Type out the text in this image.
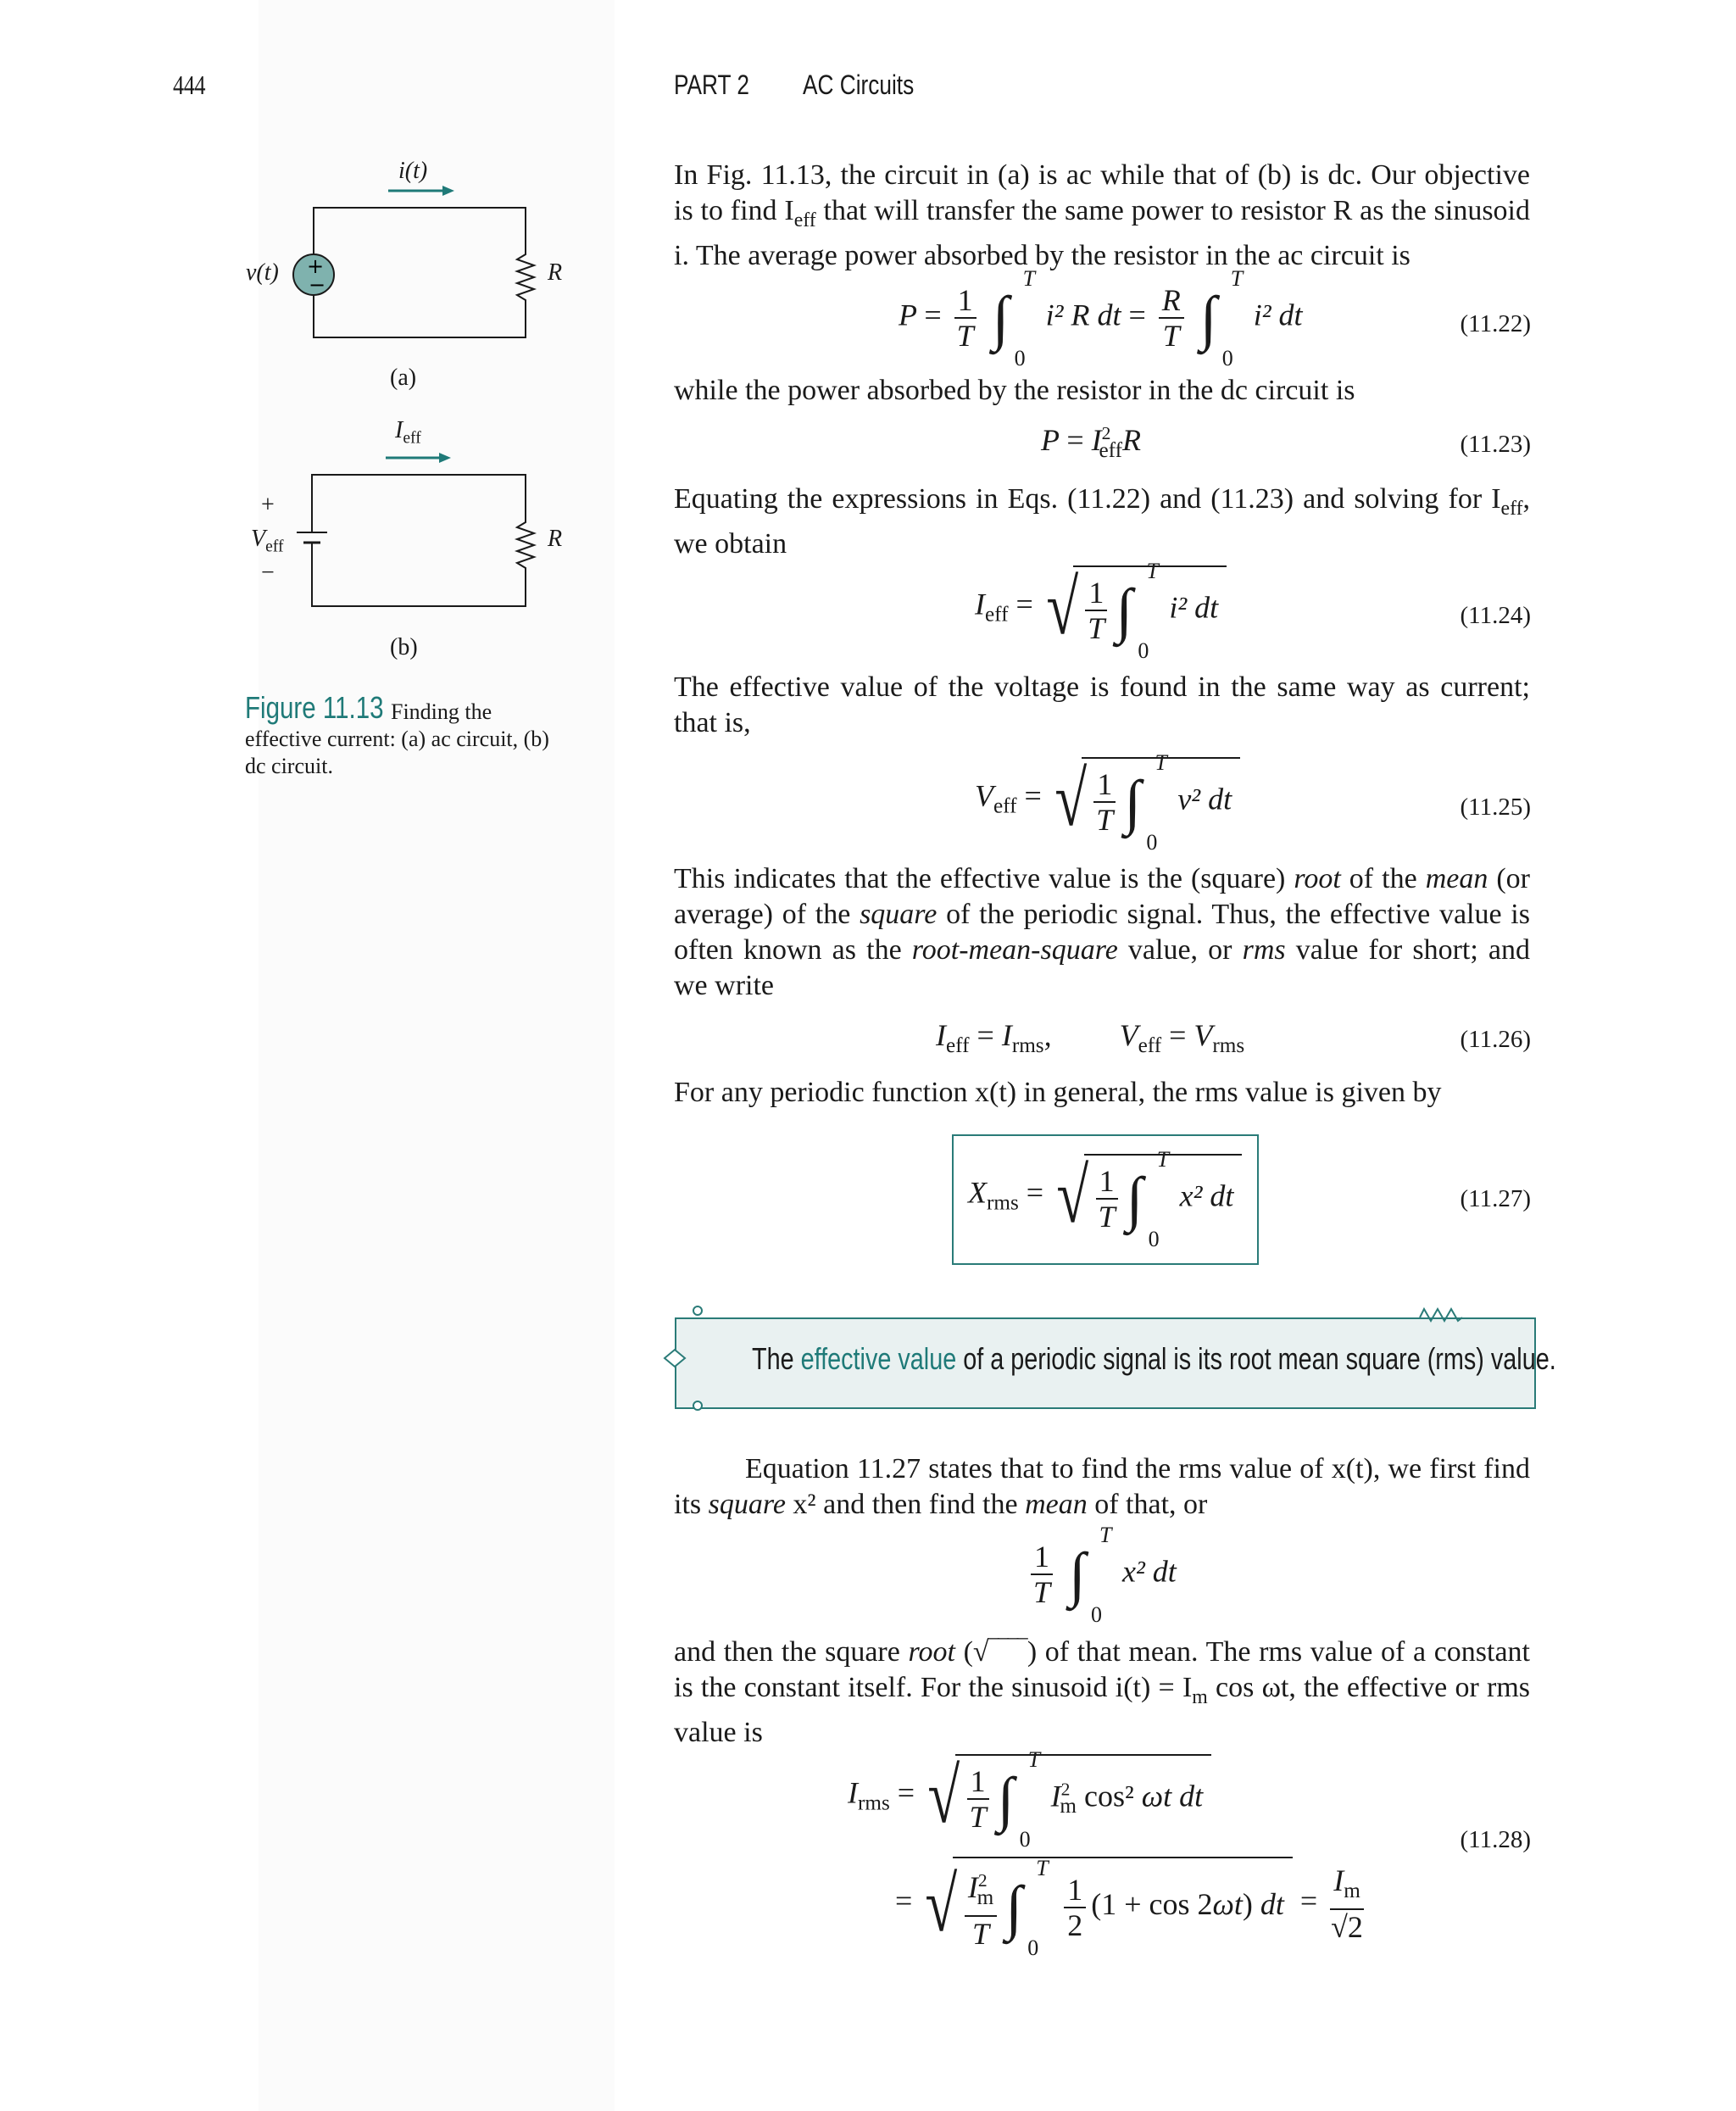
444	PART 2 AC Circuits
+
−
i(t)
v(t)	R
(a)
$I_{eff}$
+
$V_{eff}$
−
R
(b)
Figure 11.13 Finding the effective current: (a) ac circuit, (b) dc circuit.
In Fig. 11.13, the circuit in (a) is ac while that of (b) is dc. Our objective is to find $I_{eff}$ that will transfer the same power to resistor R as the sinusoid i. The average power absorbed by the resistor in the ac circuit is
$P = \frac{1}{T}$
∫
T
0
i² R dt = $\frac{R}{T}$
∫
T
0
i² dt	(11.22)
while the power absorbed by the resistor in the dc circuit is
$P = I^2_{eff}R$	(11.23)
Equating the expressions in Eqs. (11.22) and (11.23) and solving for $I_{eff}$, we obtain
$I_{eff}$ = √ $\frac{1}{T}$ ∫
T
0
i² dt	(11.24)
The effective value of the voltage is found in the same way as current; that is,
$V_{eff}$ = √ $\frac{1}{T}$ ∫
T
0
v² dt	(11.25)
This indicates that the effective value is the (square) root of the mean (or average) of the square of the periodic signal. Thus, the effective value is often known as the root-mean-square value, or rms value for short; and we write
$I_{eff} = I_{rms}$, $V_{eff} = V_{rms}$	(11.26)
For any periodic function x(t) in general, the rms value is given by
$X_{rms}$ = √ $\frac{1}{T}$ ∫
T
0
x² dt	(11.27)
The effective value of a periodic signal is its root mean square (rms) value.
Equation 11.27 states that to find the rms value of x(t), we first find its square x² and then find the mean of that, or
$\frac{1}{T}$
∫
T
0
x² dt
and then the square root (√‾‾‾‾) of that mean. The rms value of a constant is the constant itself. For the sinusoid $i(t) = I_m$ cos ωt, the effective or rms value is
$I_{rms}$ = √ $\frac{1}{T}$ ∫
T
0
$I^2_m$ cos² ωt dt
= √ $\frac{I^2_m}{T}$ ∫
T
0

$\frac{1}{2} (1 + \cos 2\omega t)$ dt = $\frac{I_m}{√2}$
(11.28)
